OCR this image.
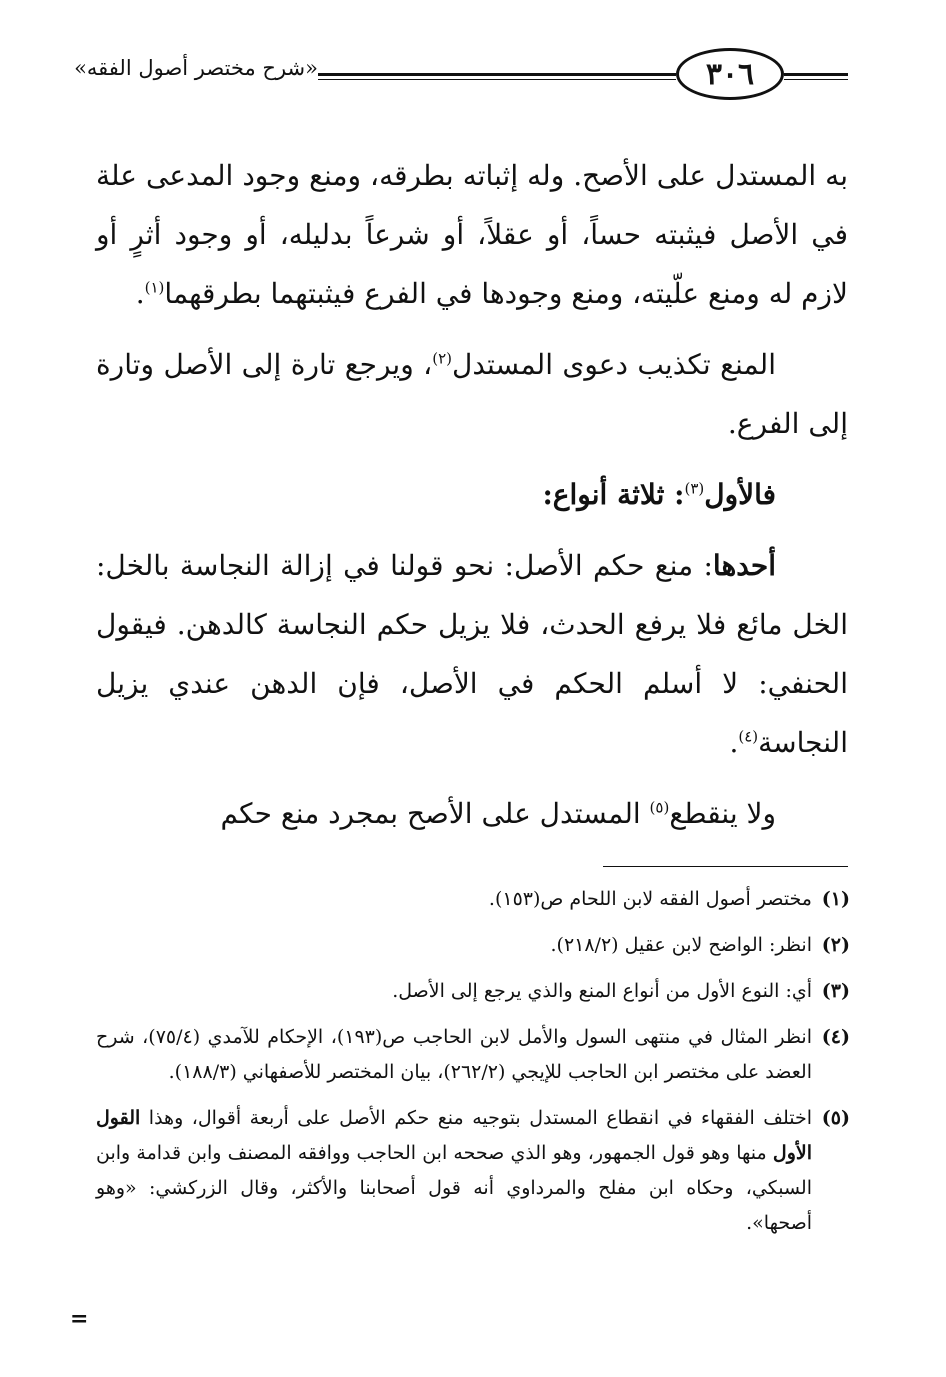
٣٠٦
«شرح مختصر أصول الفقه»

به المستدل على الأصح. وله إثباته بطرقه، ومنع وجود المدعى علة في الأصل فيثبته حساً، أو عقلاً، أو شرعاً بدليله، أو وجود أثرٍ أو لازم له ومنع علّيته، ومنع وجودها في الفرع فيثبتهما بطرقهما$^{(١)}$.

المنع تكذيب دعوى المستدل$^{(٢)}$، ويرجع تارة إلى الأصل وتارة إلى الفرع.

فالأول$^{(٣)}$: ثلاثة أنواع:

أحدها: منع حكم الأصل: نحو قولنا في إزالة النجاسة بالخل: الخل مائع فلا يرفع الحدث، فلا يزيل حكم النجاسة كالدهن. فيقول الحنفي: لا أسلم الحكم في الأصل، فإن الدهن عندي يزيل النجاسة$^{(٤)}$.

ولا ينقطع$^{(٥)}$ المستدل على الأصح بمجرد منع حكم

(١)
مختصر أصول الفقه لابن اللحام ص(١٥٣).
(٢)
انظر: الواضح لابن عقيل (٢١٨/٢).
(٣)
أي: النوع الأول من أنواع المنع والذي يرجع إلى الأصل.
(٤)
انظر المثال في منتهى السول والأمل لابن الحاجب ص(١٩٣)، الإحكام للآمدي (٧٥/٤)، شرح العضد على مختصر ابن الحاجب للإيجي (٢٦٢/٢)، بيان المختصر للأصفهاني (١٨٨/٣).
(٥)
اختلف الفقهاء في انقطاع المستدل بتوجيه منع حكم الأصل على أربعة أقوال، وهذا القول الأول منها وهو قول الجمهور، وهو الذي صححه ابن الحاجب ووافقه المصنف وابن قدامة وابن السبكي، وحكاه ابن مفلح والمرداوي أنه قول أصحابنا والأكثر، وقال الزركشي: «وهو أصحها».
=
